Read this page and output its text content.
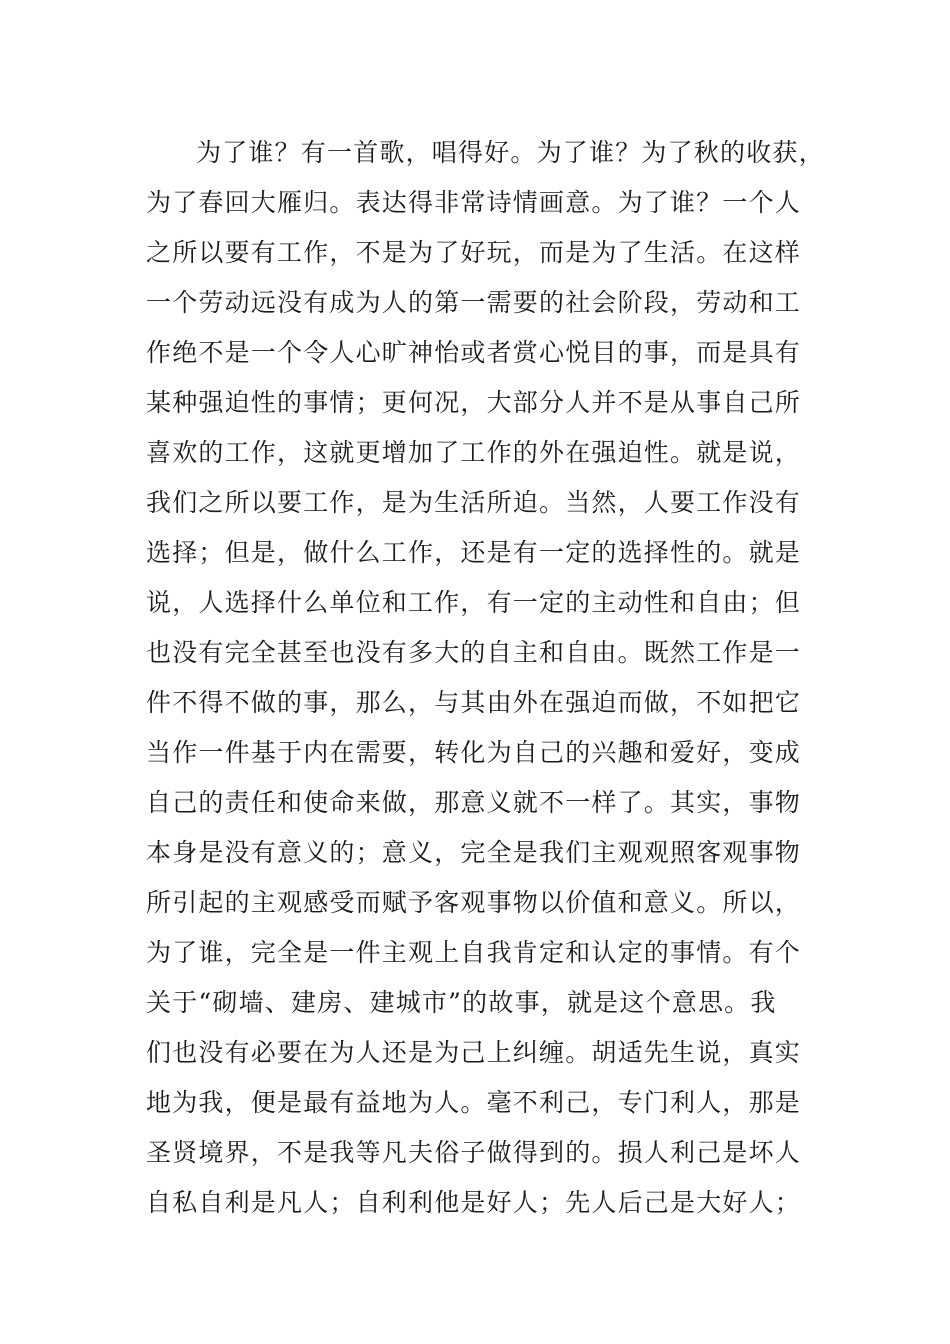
为了谁？有一首歌，唱得好。为了谁？为了秋的收获，
为了春回大雁归。表达得非常诗情画意。为了谁？一个人
之所以要有工作，不是为了好玩，而是为了生活。在这样
一个劳动远没有成为人的第一需要的社会阶段，劳动和工
作绝不是一个令人心旷神怡或者赏心悦目的事，而是具有
某种强迫性的事情；更何况，大部分人并不是从事自己所
喜欢的工作，这就更增加了工作的外在强迫性。就是说，
我们之所以要工作，是为生活所迫。当然，人要工作没有
选择；但是，做什么工作，还是有一定的选择性的。就是
说，人选择什么单位和工作，有一定的主动性和自由；但
也没有完全甚至也没有多大的自主和自由。既然工作是一
件不得不做的事，那么，与其由外在强迫而做，不如把它
当作一件基于内在需要，转化为自己的兴趣和爱好，变成
自己的责任和使命来做，那意义就不一样了。其实，事物
本身是没有意义的；意义，完全是我们主观观照客观事物
所引起的主观感受而赋予客观事物以价值和意义。所以，
为了谁，完全是一件主观上自我肯定和认定的事情。有个
关于“砌墙、建房、建城市”的故事，就是这个意思。我
们也没有必要在为人还是为己上纠缠。胡适先生说，真实
地为我，便是最有益地为人。毫不利己，专门利人，那是
圣贤境界，不是我等凡夫俗子做得到的。损人利己是坏人
自私自利是凡人；自利利他是好人；先人后己是大好人；
